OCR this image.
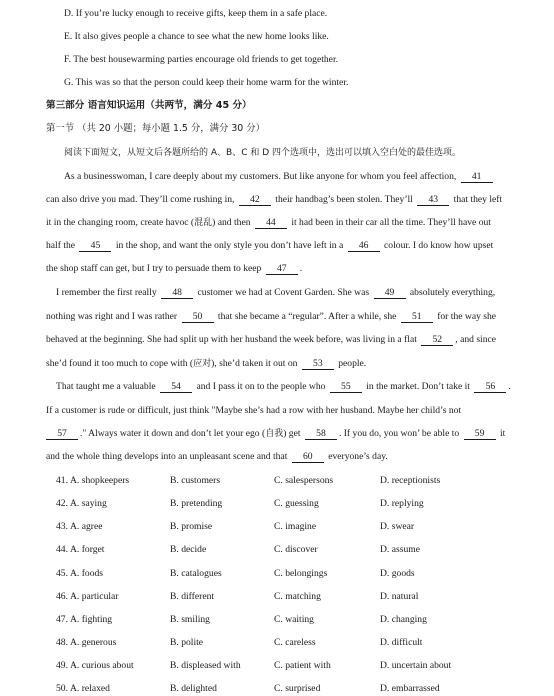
D. If you’re lucky enough to receive gifts, keep them in a safe place.
E. It also gives people a chance to see what the new home looks like.
F. The best housewarming parties encourage old friends to get together.
G. This was so that the person could keep their home warm for the winter.
第三部分 语言知识运用（共两节，满分 45 分）
第一节 （共 20 小题；每小题 1.5 分，满分 30 分）
阅读下面短文，从短文后各题所给的 A、B、C 和 D 四个选项中，选出可以填入空白处的最佳选项。
As a businesswoman, I care deeply about my customers. But like anyone for whom you feel affection, 41
can also drive you mad. They’ll come rushing in, 42 their handbag’s been stolen. They’ll 43 that they left
it in the changing room, create havoc (混乱) and then 44 it had been in their car all the time. They’ll have out
half the 45 in the shop, and want the only style you don’t have left in a 46 colour. I do know how upset
the shop staff can get, but I try to persuade them to keep 47 .
I remember the first really 48 customer we had at Covent Garden. She was 49 absolutely everything,
nothing was right and I was rather 50 that she became a “regular”. After a while, she 51 for the way she
behaved at the beginning. She had split up with her husband the week before, was living in a flat 52 , and since
she’d found it too much to cope with (应对), she’d taken it out on 53 people.
That taught me a valuable 54 and I pass it on to the people who 55 in the market. Don’t take it 56 .
If a customer is rude or difficult, just think "Maybe she’s had a row with her husband. Maybe her child’s not
57 ." Always water it down and don’t let your ego (自我) get 58 . If you do, you won’ be able to 59 it
and the whole thing develops into an unpleasant scene and that 60 everyone’s day.
41. A. shopkeepers	B. customers	C. salespersons	D. receptionists
42. A. saying	B. pretending	C. guessing	D. replying
43. A. agree	B. promise	C. imagine	D. swear
44. A. forget	B. decide	C. discover	D. assume
45. A. foods	B. catalogues	C. belongings	D. goods
46. A. particular	B. different	C. matching	D. natural
47. A. fighting	B. smiling	C. waiting	D. changing
48. A. generous	B. polite	C. careless	D. difficult
49. A. curious about	B. displeased with	C. patient with	D. uncertain about
50. A. relaxed	B. delighted	C. surprised	D. embarrassed
